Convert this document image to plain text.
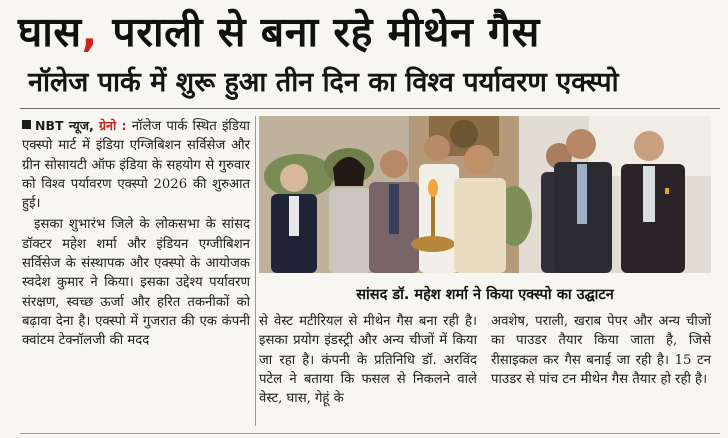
घास, पराली से बना रहे मीथेन गैस
नॉलेज पार्क में शुरू हुआ तीन दिन का विश्व पर्यावरण एक्स्पो

NBT न्यूज, ग्रेनो : नॉलेज पार्क स्थित इंडिया एक्स्पो मार्ट में इंडिया एग्जिबिशन सर्विसेज और ग्रीन सोसायटी ऑफ इंडिया के सहयोग से गुरुवार को विश्व पर्यावरण एक्स्पो 2026 की शुरुआत हुई।

इसका शुभारंभ जिले के लोकसभा के सांसद डॉक्टर महेश शर्मा और इंडियन एग्जीबिशन सर्विसेज के संस्थापक और एक्स्पो के आयोजक स्वदेश कुमार ने किया। इसका उद्देश्य पर्यावरण संरक्षण, स्वच्छ ऊर्जा और हरित तकनीकों को बढ़ावा देना है। एक्स्पो में गुजरात की एक कंपनी क्वांटम टेक्नॉलजी की मदद

सांसद डॉ. महेश शर्मा ने किया एक्स्पो का उद्घाटन

से वेस्ट मटीरियल से मीथेन गैस बना रही है। इसका प्रयोग इंडस्ट्री और अन्य चीजों में किया जा रहा है। कंपनी के प्रतिनिधि डॉ. अरविंद पटेल ने बताया कि फसल से निकलने वाले वेस्ट, घास, गेहूं के

अवशेष, पराली, खराब पेपर और अन्य चीजों का पाउडर तैयार किया जाता है, जिसे रीसाइकल कर गैस बनाई जा रही है। 15 टन पाउडर से पांच टन मीथेन गैस तैयार हो रही है।
